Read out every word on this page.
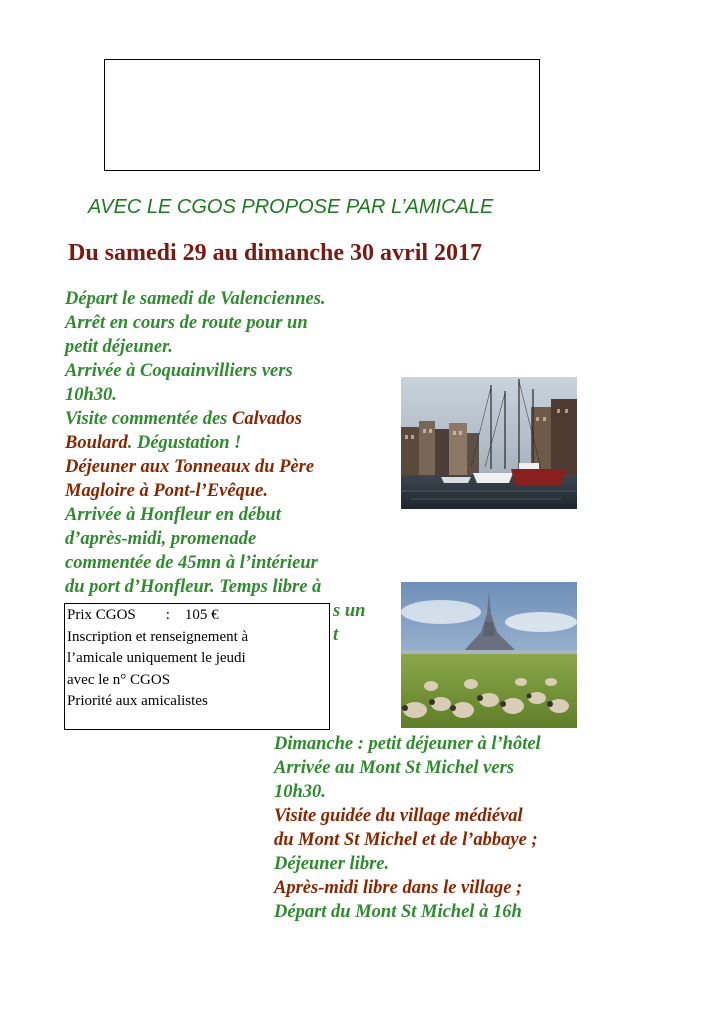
AVEC LE CGOS PROPOSE PAR L’AMICALE
Du samedi 29 au dimanche 30 avril 2017
Départ le samedi de Valenciennes.
Arrêt en cours de route pour un
petit déjeuner.
Arrivée à Coquainvilliers vers
10h30.
Visite commentée des Calvados
Boulard. Dégustation !
Déjeuner aux Tonneaux du Père
Magloire à Pont-l’Evêque.
Arrivée à Honfleur en début
d’après-midi, promenade
commentée de 45mn à l’intérieur
du port d’Honfleur. Temps libre à
s un
t
Prix CGOS        :    105 €
Inscription et renseignement à
l’amicale uniquement le jeudi
avec le n° CGOS
Priorité aux amicalistes
Dimanche : petit déjeuner à l’hôtel
Arrivée au Mont St Michel vers
10h30.
Visite guidée du village médiéval
du Mont St Michel et de l’abbaye ;
Déjeuner libre.
Après-midi libre dans le village ;
Départ du Mont St Michel à 16h
